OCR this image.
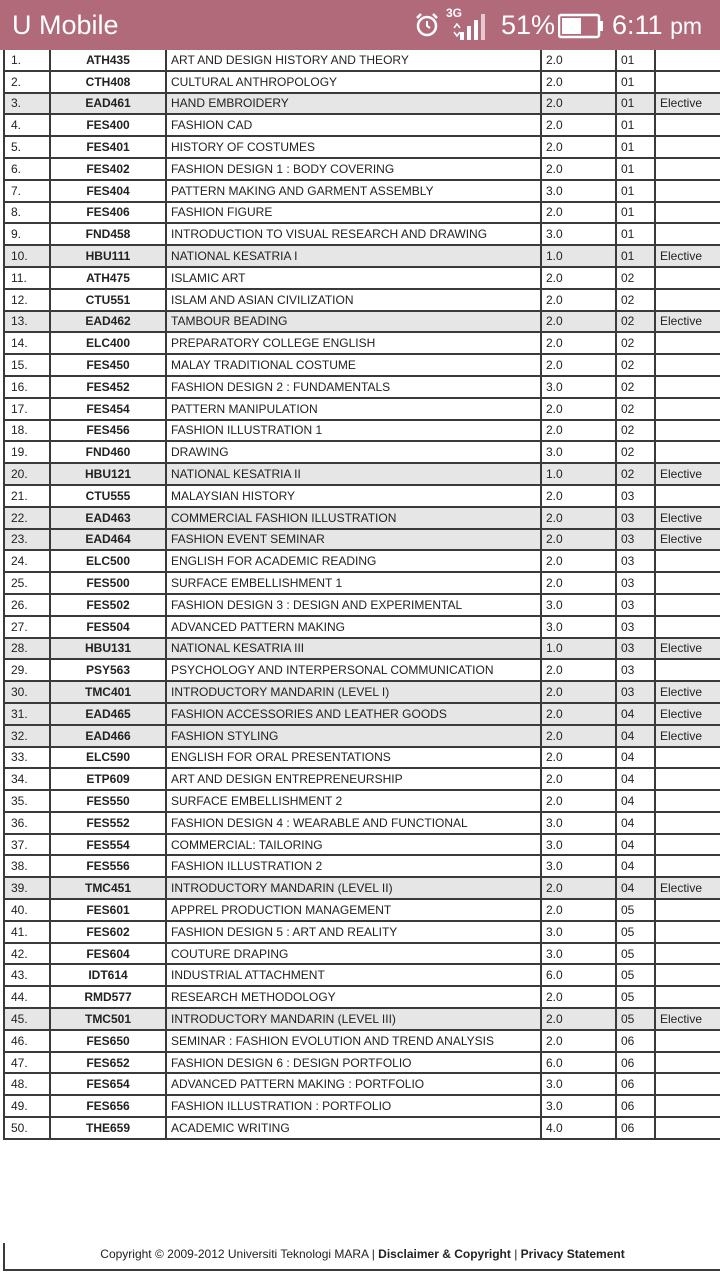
U Mobile	3G 51% 6:11 pm
1.	ATH435	ART AND DESIGN HISTORY AND THEORY	2.0	01	
2.	CTH408	CULTURAL ANTHROPOLOGY	2.0	01	
3.	EAD461	HAND EMBROIDERY	2.0	01	Elective
4.	FES400	FASHION CAD	2.0	01	
5.	FES401	HISTORY OF COSTUMES	2.0	01	
6.	FES402	FASHION DESIGN 1 : BODY COVERING	2.0	01	
7.	FES404	PATTERN MAKING AND GARMENT ASSEMBLY	3.0	01	
8.	FES406	FASHION FIGURE	2.0	01	
9.	FND458	INTRODUCTION TO VISUAL RESEARCH AND DRAWING	3.0	01	
10.	HBU111	NATIONAL KESATRIA I	1.0	01	Elective
11.	ATH475	ISLAMIC ART	2.0	02	
12.	CTU551	ISLAM AND ASIAN CIVILIZATION	2.0	02	
13.	EAD462	TAMBOUR BEADING	2.0	02	Elective
14.	ELC400	PREPARATORY COLLEGE ENGLISH	2.0	02	
15.	FES450	MALAY TRADITIONAL COSTUME	2.0	02	
16.	FES452	FASHION DESIGN 2 : FUNDAMENTALS	3.0	02	
17.	FES454	PATTERN MANIPULATION	2.0	02	
18.	FES456	FASHION ILLUSTRATION 1	2.0	02	
19.	FND460	DRAWING	3.0	02	
20.	HBU121	NATIONAL KESATRIA II	1.0	02	Elective
21.	CTU555	MALAYSIAN HISTORY	2.0	03	
22.	EAD463	COMMERCIAL FASHION ILLUSTRATION	2.0	03	Elective
23.	EAD464	FASHION EVENT SEMINAR	2.0	03	Elective
24.	ELC500	ENGLISH FOR ACADEMIC READING	2.0	03	
25.	FES500	SURFACE EMBELLISHMENT 1	2.0	03	
26.	FES502	FASHION DESIGN 3 : DESIGN AND EXPERIMENTAL	3.0	03	
27.	FES504	ADVANCED PATTERN MAKING	3.0	03	
28.	HBU131	NATIONAL KESATRIA III	1.0	03	Elective
29.	PSY563	PSYCHOLOGY AND INTERPERSONAL COMMUNICATION	2.0	03	
30.	TMC401	INTRODUCTORY MANDARIN (LEVEL I)	2.0	03	Elective
31.	EAD465	FASHION ACCESSORIES AND LEATHER GOODS	2.0	04	Elective
32.	EAD466	FASHION STYLING	2.0	04	Elective
33.	ELC590	ENGLISH FOR ORAL PRESENTATIONS	2.0	04	
34.	ETP609	ART AND DESIGN ENTREPRENEURSHIP	2.0	04	
35.	FES550	SURFACE EMBELLISHMENT 2	2.0	04	
36.	FES552	FASHION DESIGN 4 : WEARABLE AND FUNCTIONAL	3.0	04	
37.	FES554	COMMERCIAL: TAILORING	3.0	04	
38.	FES556	FASHION ILLUSTRATION 2	3.0	04	
39.	TMC451	INTRODUCTORY MANDARIN (LEVEL II)	2.0	04	Elective
40.	FES601	APPREL PRODUCTION MANAGEMENT	2.0	05	
41.	FES602	FASHION DESIGN 5 : ART AND REALITY	3.0	05	
42.	FES604	COUTURE DRAPING	3.0	05	
43.	IDT614	INDUSTRIAL ATTACHMENT	6.0	05	
44.	RMD577	RESEARCH METHODOLOGY	2.0	05	
45.	TMC501	INTRODUCTORY MANDARIN (LEVEL III)	2.0	05	Elective
46.	FES650	SEMINAR : FASHION EVOLUTION AND TREND ANALYSIS	2.0	06	
47.	FES652	FASHION DESIGN 6 : DESIGN PORTFOLIO	6.0	06	
48.	FES654	ADVANCED PATTERN MAKING : PORTFOLIO	3.0	06	
49.	FES656	FASHION ILLUSTRATION : PORTFOLIO	3.0	06	
50.	THE659	ACADEMIC WRITING	4.0	06	
Copyright © 2009-2012 Universiti Teknologi MARA | Disclaimer & Copyright | Privacy Statement
